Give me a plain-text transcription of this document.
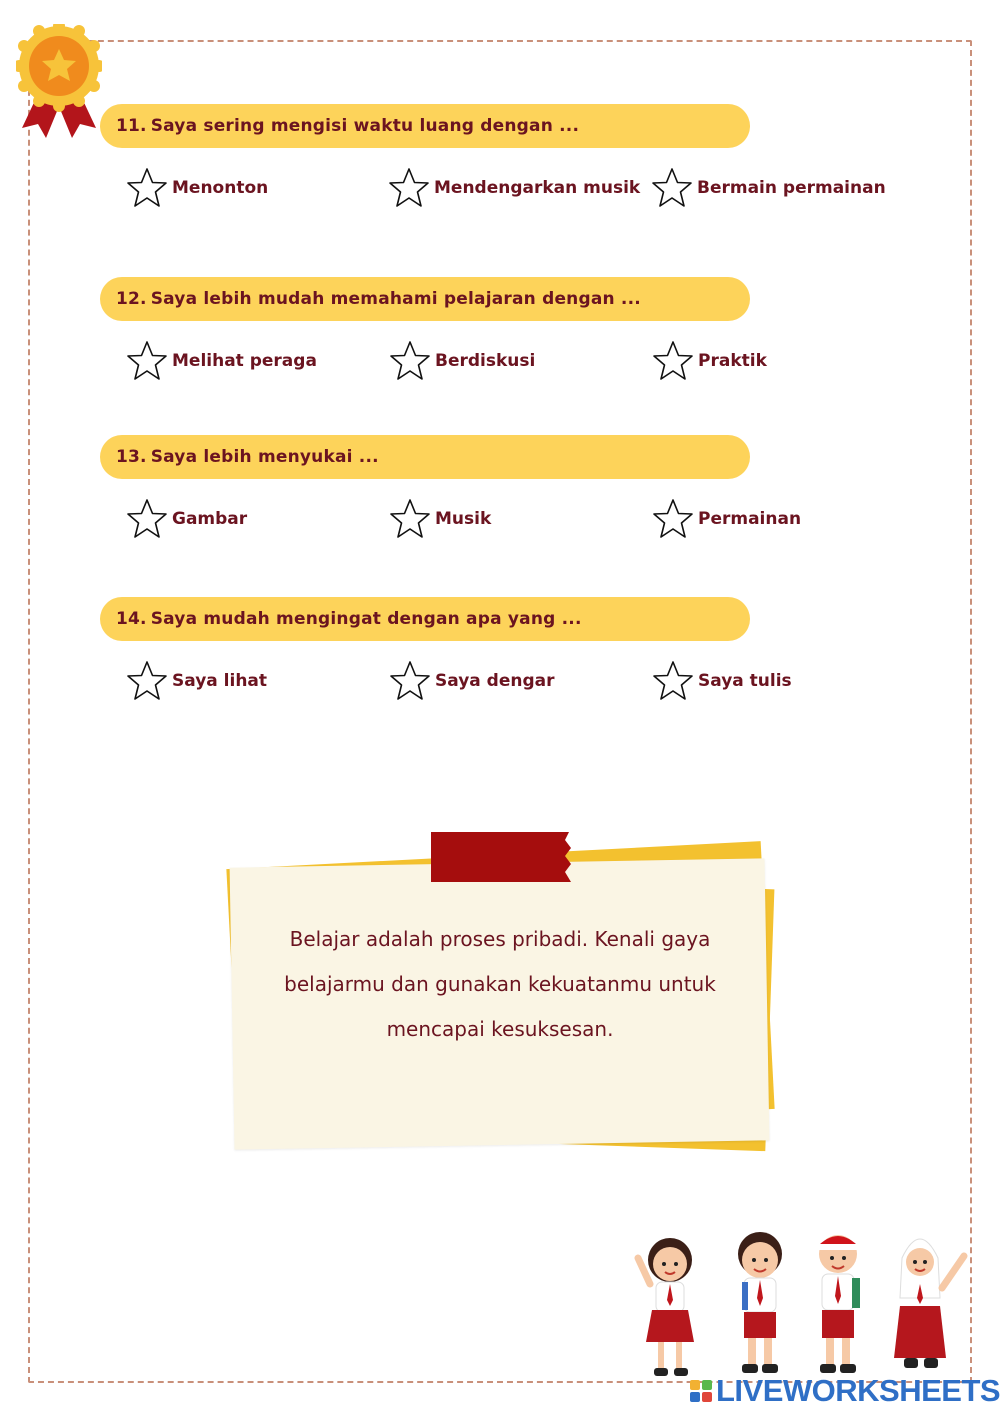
11. Saya sering mengisi waktu luang dengan ...
Menonton	Mendengarkan musik	Bermain permainan
12. Saya lebih mudah memahami pelajaran dengan ...
Melihat peraga	Berdiskusi	Praktik
13. Saya lebih menyukai ...
Gambar	Musik	Permainan
14. Saya mudah mengingat dengan apa yang ...
Saya lihat	Saya dengar	Saya tulis
Belajar adalah proses pribadi. Kenali gaya belajarmu dan gunakan kekuatanmu untuk mencapai kesuksesan.
LIVEWORKSHEETS
